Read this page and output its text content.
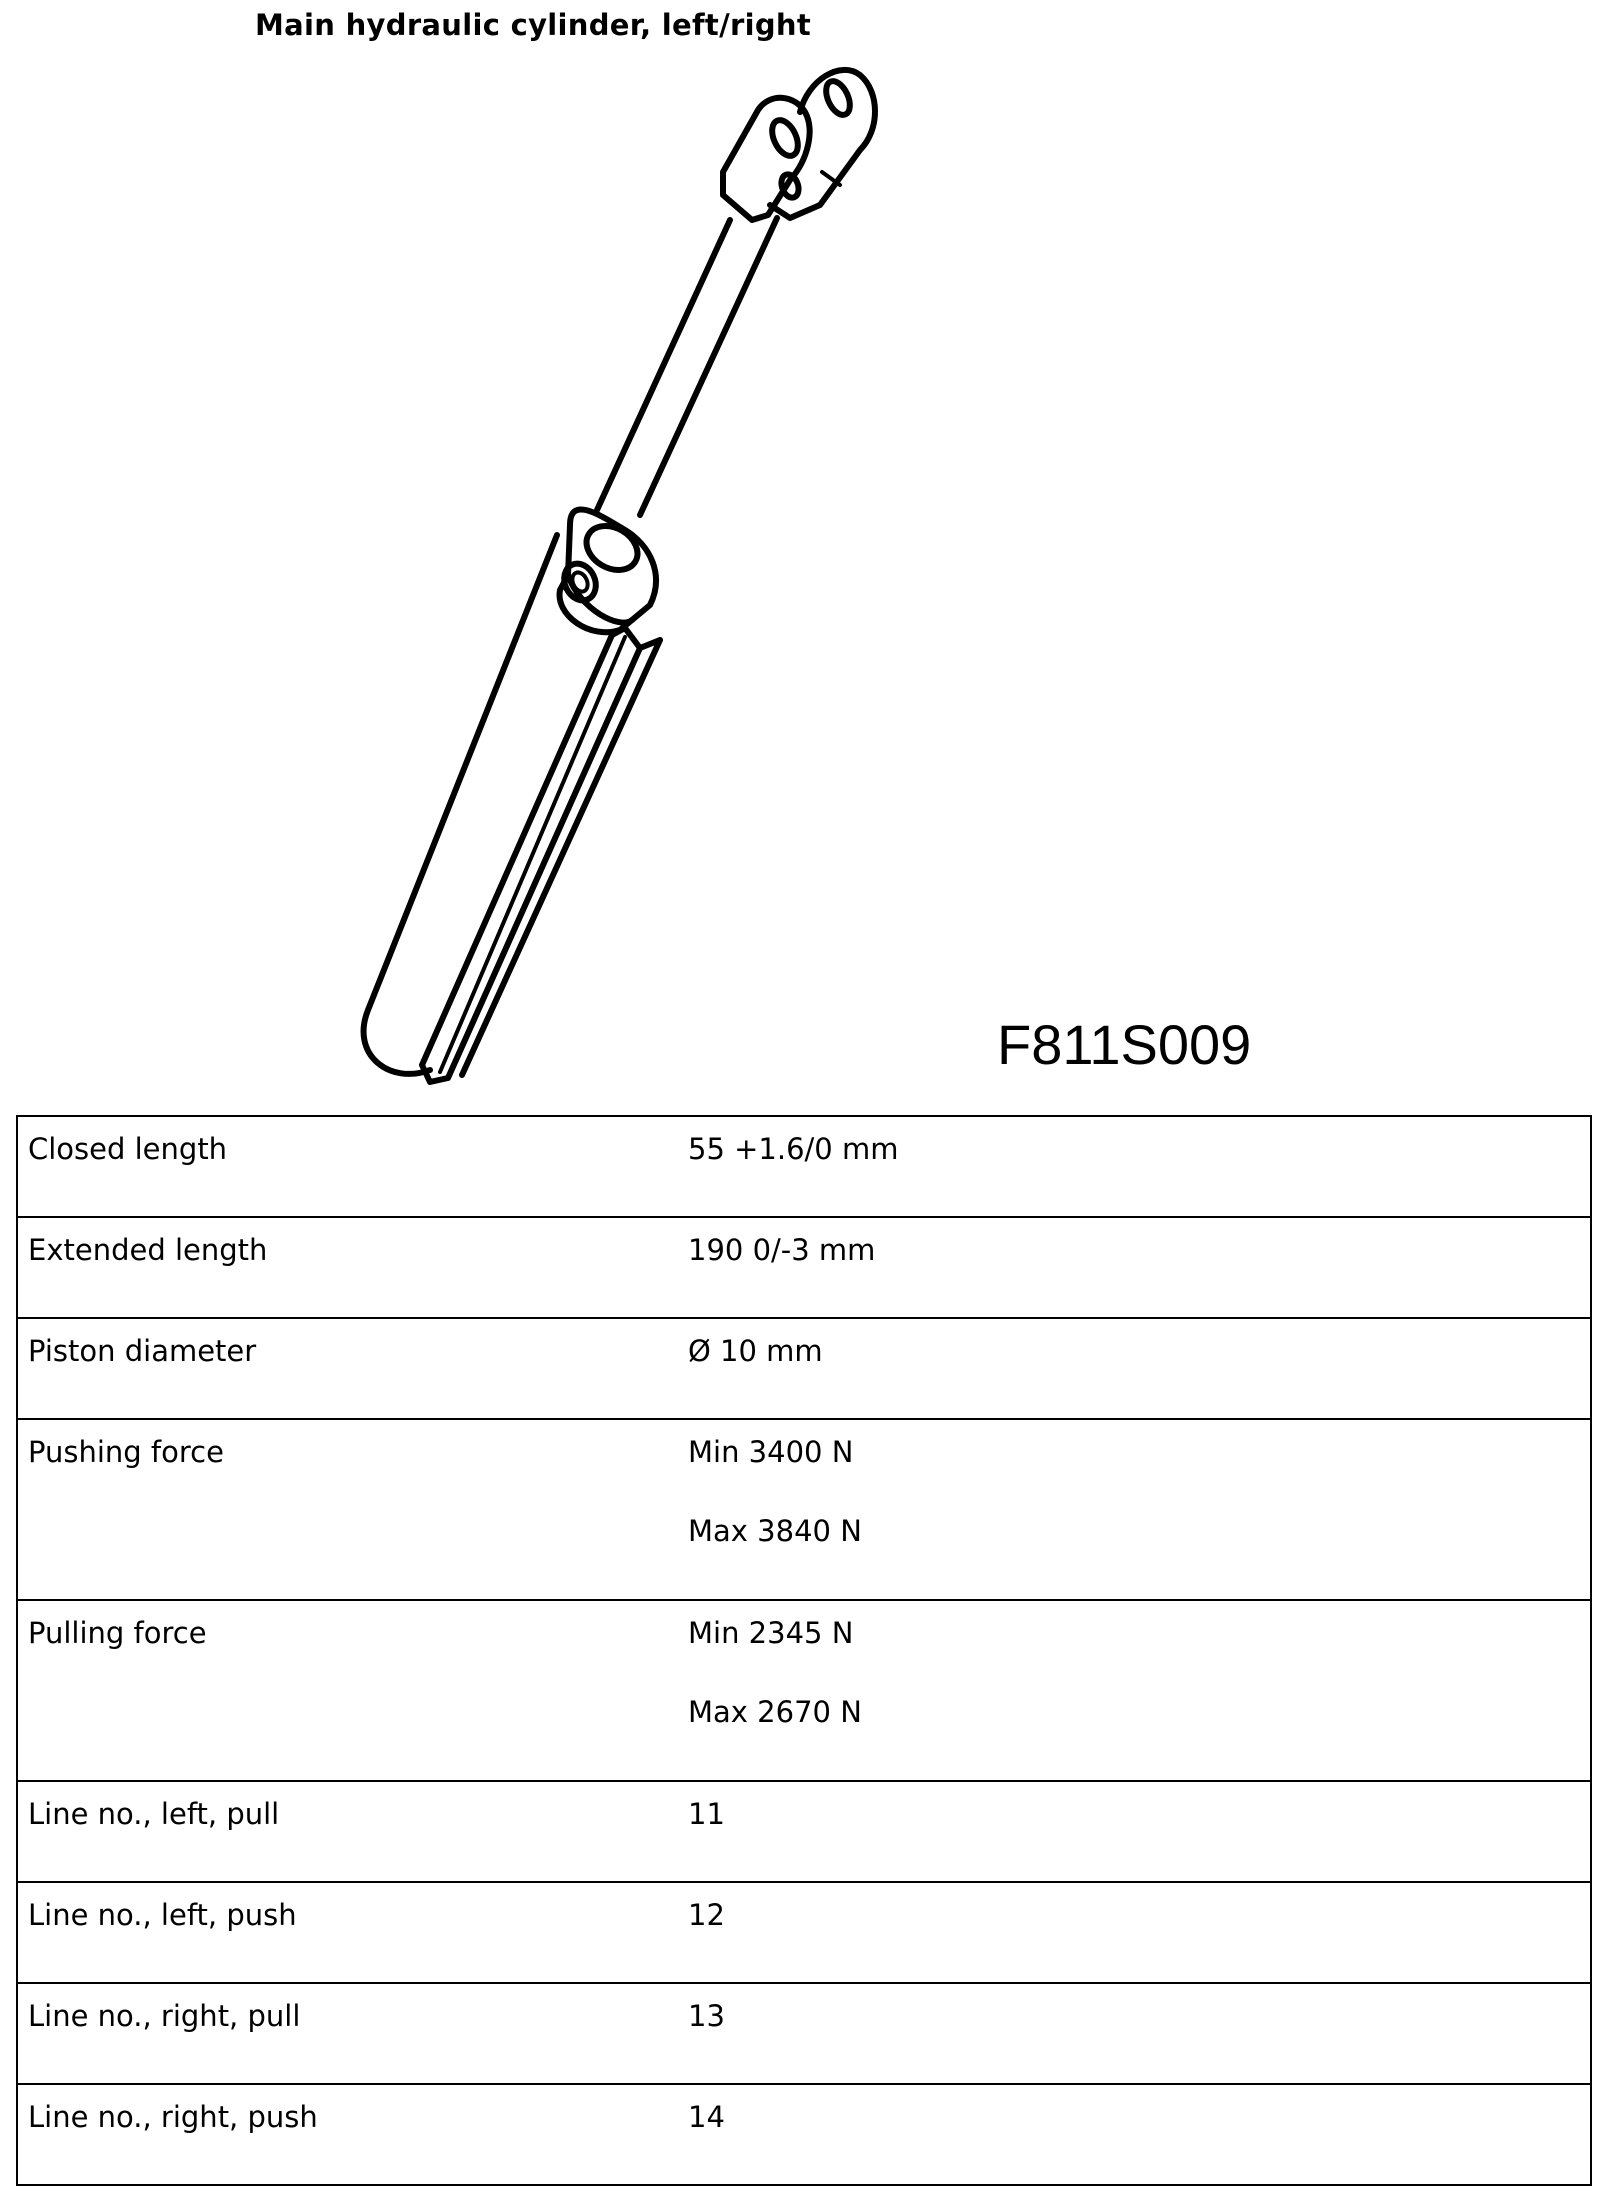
Main hydraulic cylinder, left/right
F811S009
Closed length	55 +1.6/0 mm

Extended length	190 0/-3 mm

Piston diameter	Ø 10 mm

Pushing force	Min 3400 N
Max 3840 N

Pulling force	Min 2345 N
Max 2670 N

Line no., left, pull	11

Line no., left, push	12

Line no., right, pull	13

Line no., right, push	14
